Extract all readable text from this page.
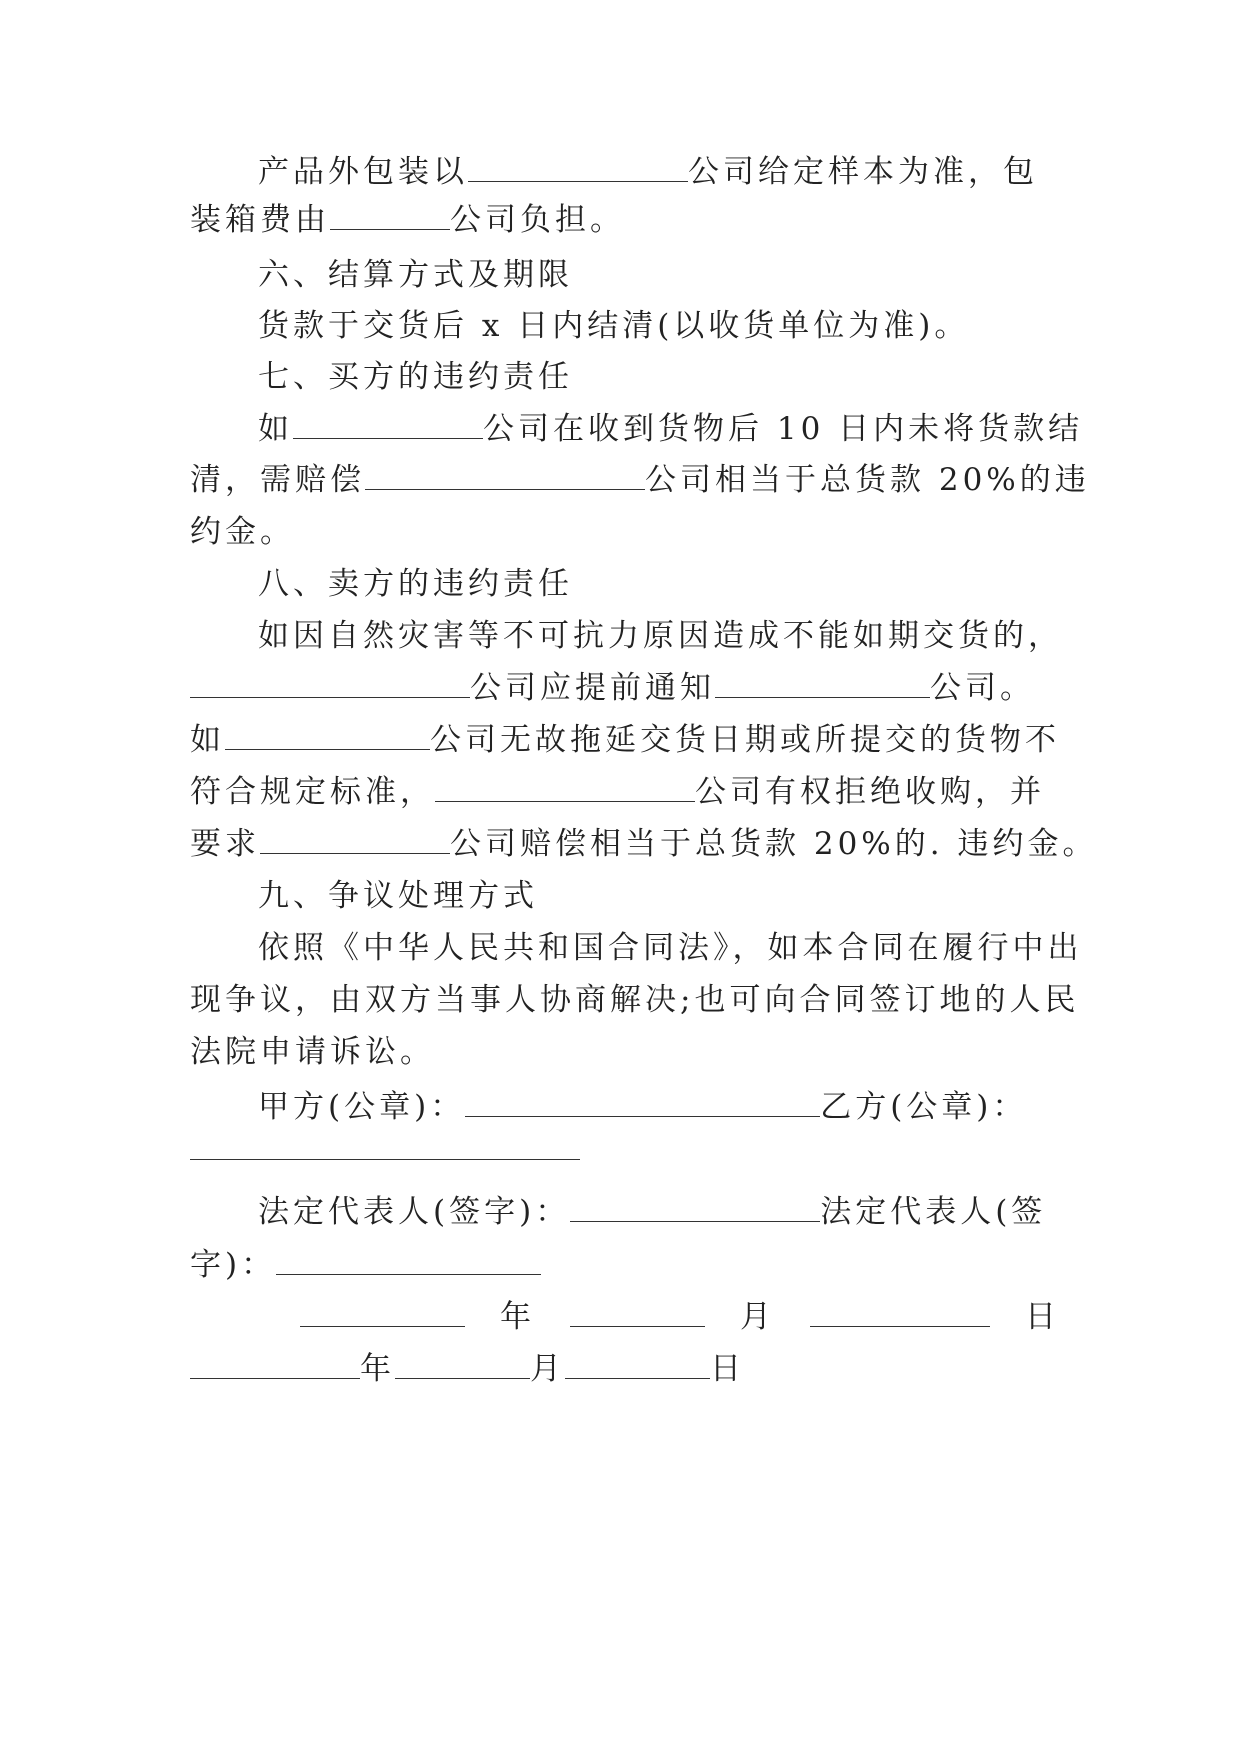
产品外包装以	公司给定样本为准，包
装箱费由	公司负担。
六、结算方式及期限
货款于交货后 x 日内结清(以收货单位为准)。
七、买方的违约责任
如	公司在收到货物后 10 日内未将货款结
清，需赔偿	公司相当于总货款 20%的违
约金。
八、卖方的违约责任
如因自然灾害等不可抗力原因造成不能如期交货的，
公司应提前通知	公司。
如	公司无故拖延交货日期或所提交的货物不
符合规定标准，	公司有权拒绝收购，并
要求	公司赔偿相当于总货款 20%的. 违约金。
九、争议处理方式
依照《中华人民共和国合同法》，如本合同在履行中出
现争议，由双方当事人协商解决;也可向合同签订地的人民
法院申请诉讼。
甲方(公章)：	乙方(公章)：
法定代表人(签字)：	法定代表人(签
字)：
年	月	日
年	月	日
